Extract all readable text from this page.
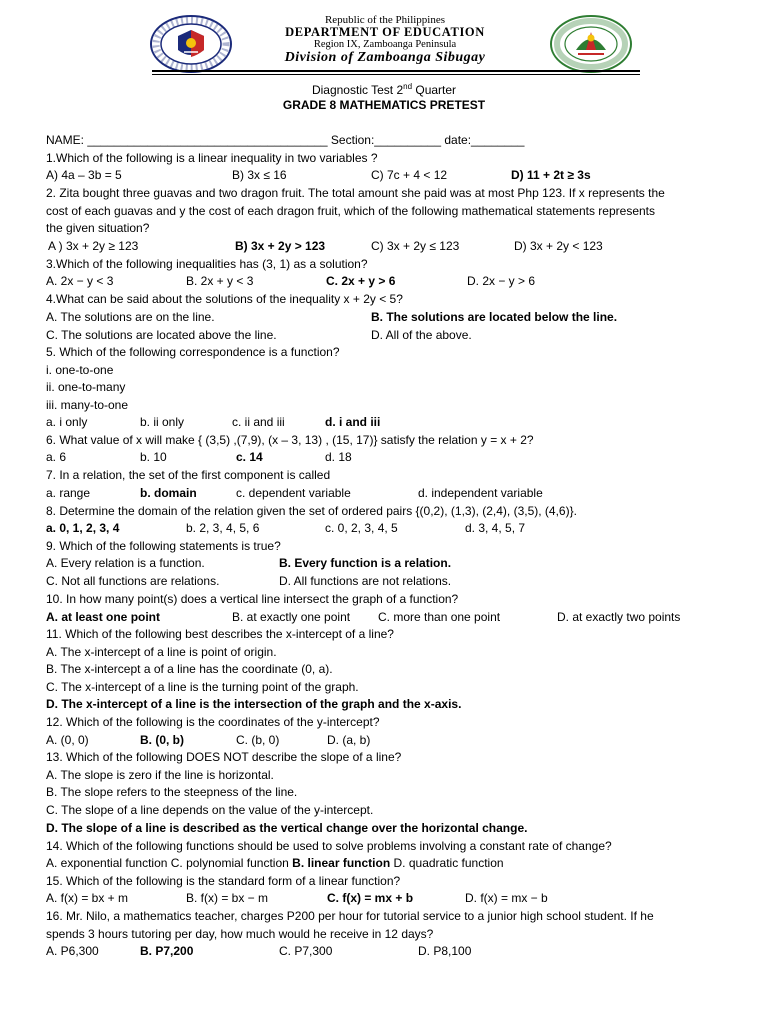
Republic of the Philippines
DEPARTMENT OF EDUCATION
Region IX, Zamboanga Peninsula
Division of Zamboanga Sibugay
Diagnostic Test 2nd Quarter
GRADE 8 MATHEMATICS PRETEST
NAME: ____________________________________ Section:__________ date:________
1.Which of the following is a linear inequality in two variables ?
A) 4a – 3b = 5	B) 3x ≤ 16	C) 7c + 4 < 12	D) 11 + 2t ≥ 3s
2. Zita bought three guavas and two dragon fruit. The total amount she paid was at most Php 123. If x represents the
cost of each guavas and y the cost of each dragon fruit, which of the following mathematical statements represents
the given situation?
A ) 3x + 2y ≥ 123	B) 3x + 2y > 123	C) 3x + 2y ≤ 123	D) 3x + 2y < 123
3.Which of the following inequalities has (3, 1) as a solution?
A. 2x − y < 3	B. 2x + y < 3	C. 2x + y > 6	D. 2x − y > 6
4.What can be said about the solutions of the inequality x + 2y < 5?
A. The solutions are on the line.	B. The solutions are located below the line.
C. The solutions are located above the line.	D. All of the above.
5. Which of the following correspondence is a function?
i. one-to-one
ii. one-to-many
iii. many-to-one
a. i only	b. ii only	c. ii and iii	d. i and iii
6. What value of x will make { (3,5) ,(7,9), (x – 3, 13) , (15, 17)} satisfy the relation y = x + 2?
a. 6	b. 10	c. 14	d. 18
7. In a relation, the set of the first component is called
a. range	b. domain	c. dependent variable	d. independent variable
8. Determine the domain of the relation given the set of ordered pairs {(0,2), (1,3), (2,4), (3,5), (4,6)}.
a. 0, 1, 2, 3, 4	b. 2, 3, 4, 5, 6	c. 0, 2, 3, 4, 5	d. 3, 4, 5, 7
9. Which of the following statements is true?
A. Every relation is a function.	B. Every function is a relation.
C. Not all functions are relations.	D. All functions are not relations.
10. In how many point(s) does a vertical line intersect the graph of a function?
A. at least one point	B. at exactly one point C. more than one point	D. at exactly two points
11. Which of the following best describes the x-intercept of a line?
A. The x-intercept of a line is point of origin.
B. The x-intercept a of a line has the coordinate (0, a).
C. The x-intercept of a line is the turning point of the graph.
D. The x-intercept of a line is the intersection of the graph and the x-axis.
12. Which of the following is the coordinates of the y-intercept?
A. (0, 0)	B. (0, b)	C. (b, 0)	D. (a, b)
13. Which of the following DOES NOT describe the slope of a line?
A. The slope is zero if the line is horizontal.
B. The slope refers to the steepness of the line.
C. The slope of a line depends on the value of the y-intercept.
D. The slope of a line is described as the vertical change over the horizontal change.
14. Which of the following functions should be used to solve problems involving a constant rate of change?
A. exponential function C. polynomial function B. linear function D. quadratic function
15. Which of the following is the standard form of a linear function?
A. f(x) = bx + m	B. f(x) = bx − m	C. f(x) = mx + b	D. f(x) = mx − b
16. Mr. Nilo, a mathematics teacher, charges P200 per hour for tutorial service to a junior high school student. If he
spends 3 hours tutoring per day, how much would he receive in 12 days?
A. P6,300	B. P7,200	C. P7,300	D. P8,100
